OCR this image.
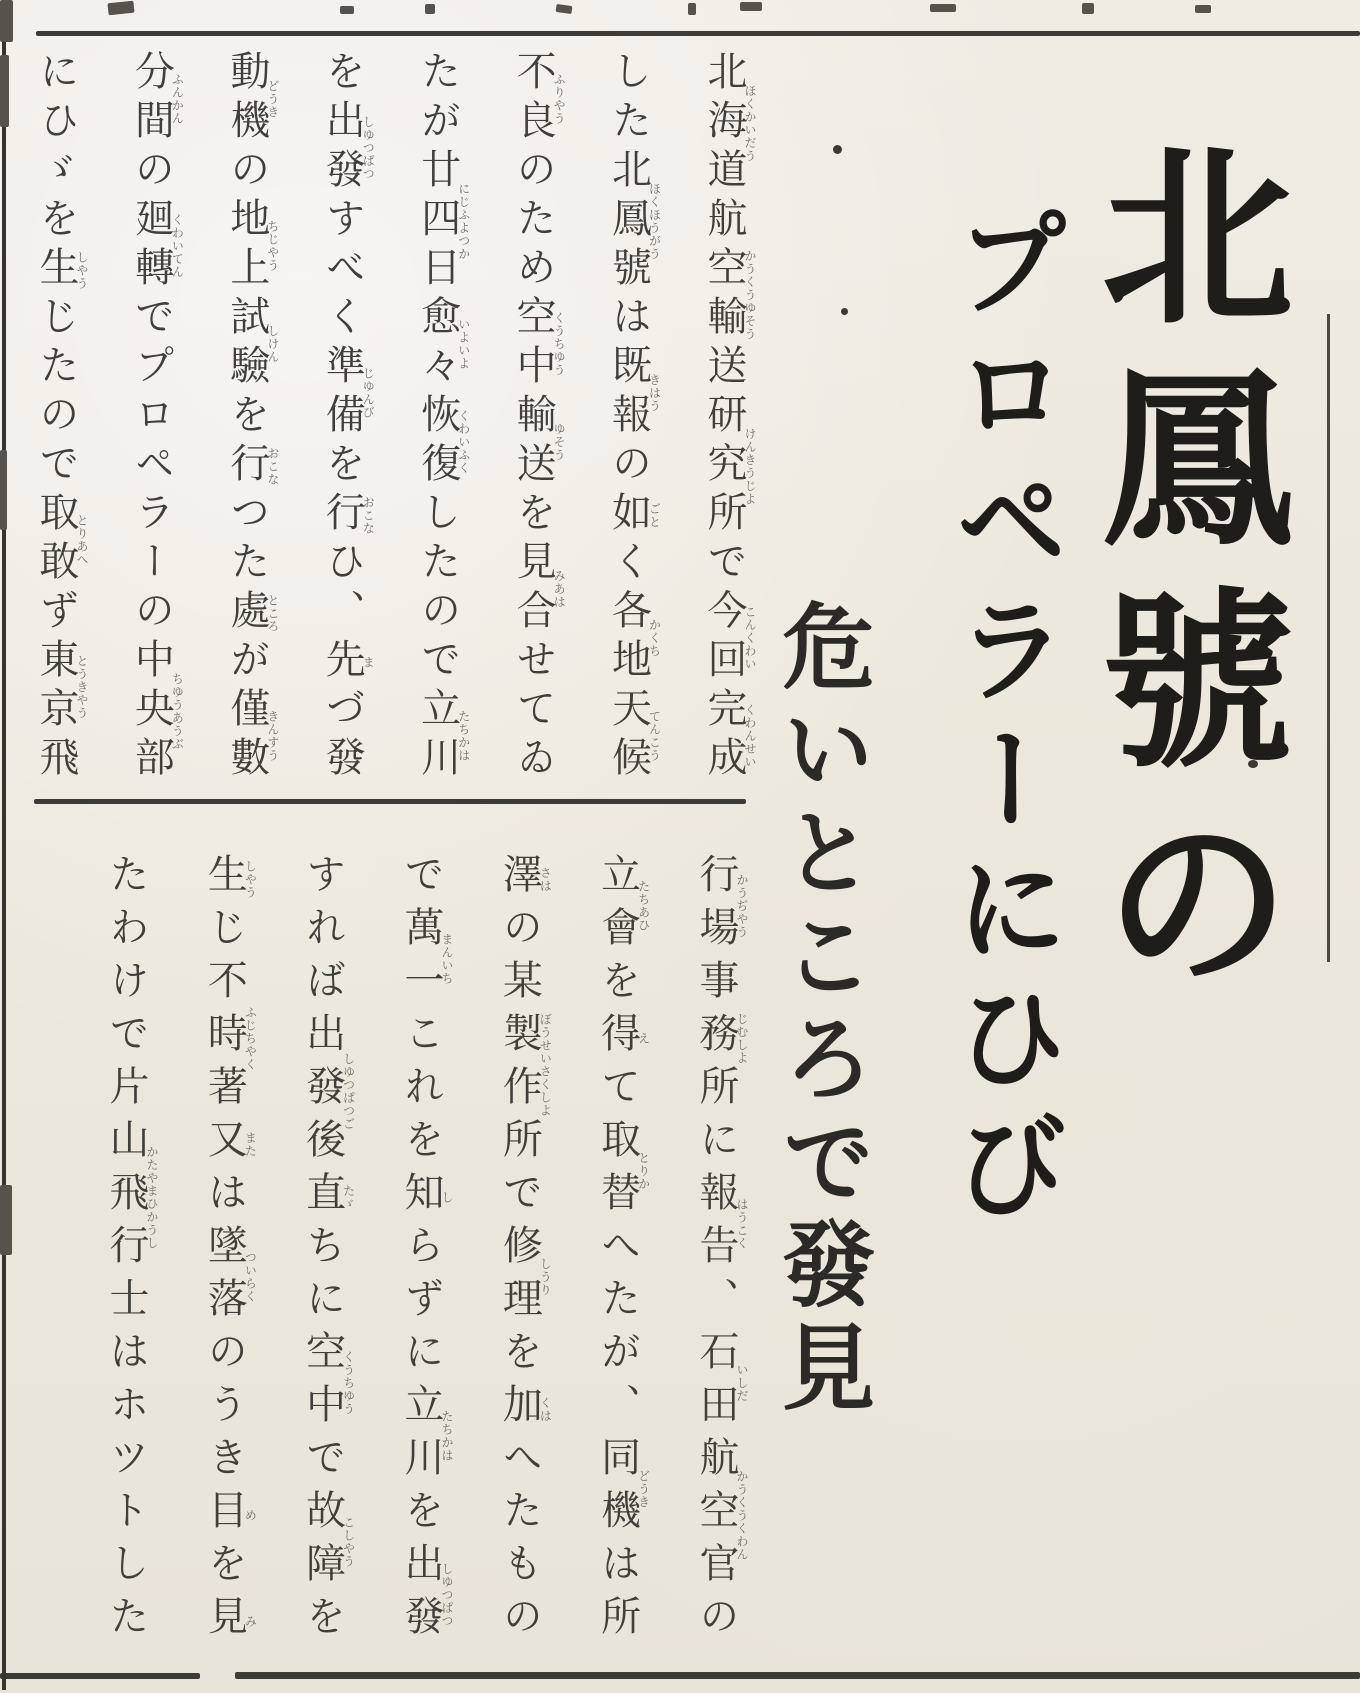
北鳳號の
プロペラーにひび
危いところで發見
北海道ほくかいだう航空輸送かうくうゆそう研究所けんきうじよで今回こんくわい完成くわんせい
した北鳳號ほくほうがうは既報きはうの如ごとく各地かくち天候てんこう
不良ふりやうのため空中くうちゆう輸送ゆそうを見合みあはせてゐ
たが廿四日にじふよつか愈々いよいよ恢復くわいふくしたので立川たちかは
を出發しゆつぱつすべく準備じゆんびを行おこなひ、先まづ發
動機どうきの地上ちじやう試驗しけんを行おこなつた處ところが僅數きんすう
分間ふんかんの廻轉くわいてんでプロペラーの中央部ちゆうあうぶ
にひゞを生しやうじたので取敢とりあへず東京とうきやう飛
行場かうぢやう事務所じむしよに報告はうこく、石田いしだ航空官かうくうくわんの
立會たちあひを得えて取替とりかへたが、同機どうきは所
澤さはの某製作所ぼうせいさくしよで修理しうりを加くはへたもの
で萬一まんいちこれを知しらずに立川たちかはを出發しゆつぱつ
すれば出發後しゆつぱつご直たゞちに空中くうちゆうで故障こしやうを
生しやうじ不時著ふじちやく又または墜落ついらくのうき目めを見み
たわけで片山飛行士かたやまひかうしはホツトした
